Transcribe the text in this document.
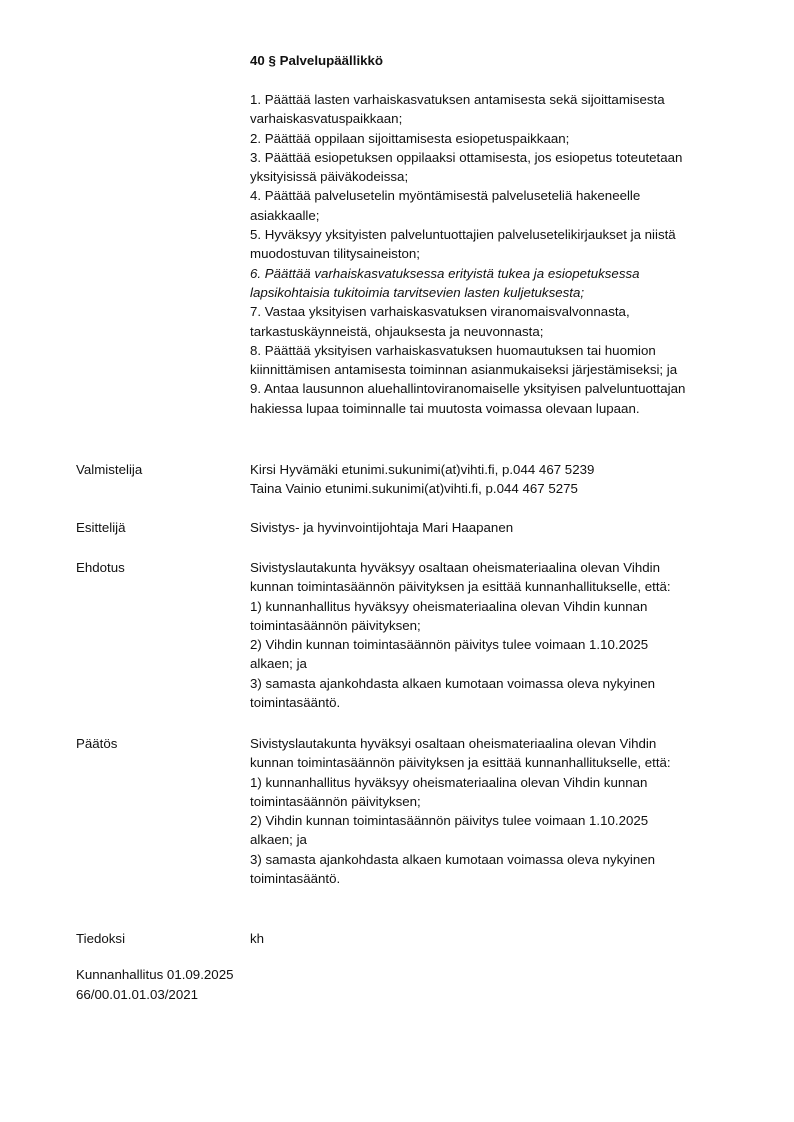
40 § Palvelupäällikkö
1. Päättää lasten varhaiskasvatuksen antamisesta sekä sijoittamisesta
varhaiskasvatuspaikkaan;
2. Päättää oppilaan sijoittamisesta esiopetuspaikkaan;
3. Päättää esiopetuksen oppilaaksi ottamisesta, jos esiopetus toteutetaan
yksityisissä päiväkodeissa;
4. Päättää palvelusetelin myöntämisestä palveluseteliä hakeneelle
asiakkaalle;
5. Hyväksyy yksityisten palveluntuottajien palvelusetelikirjaukset ja niistä
muodostuvan tilitysaineiston;
6. Päättää varhaiskasvatuksessa erityistä tukea ja esiopetuksessa
lapsikohtaisia tukitoimia tarvitsevien lasten kuljetuksesta;
7. Vastaa yksityisen varhaiskasvatuksen viranomaisvalvonnasta,
tarkastuskäynneistä, ohjauksesta ja neuvonnasta;
8. Päättää yksityisen varhaiskasvatuksen huomautuksen tai huomion
kiinnittämisen antamisesta toiminnan asianmukaiseksi järjestämiseksi; ja
9. Antaa lausunnon aluehallintoviranomaiselle yksityisen palveluntuottajan
hakiessa lupaa toiminnalle tai muutosta voimassa olevaan lupaan.
Valmistelija	Kirsi Hyvämäki etunimi.sukunimi(at)vihti.fi, p.044 467 5239
Taina Vainio etunimi.sukunimi(at)vihti.fi, p.044 467 5275
Esittelijä	Sivistys- ja hyvinvointijohtaja Mari Haapanen
Ehdotus	Sivistyslautakunta hyväksyy osaltaan oheismateriaalina olevan Vihdin
kunnan toimintasäännön päivityksen ja esittää kunnanhallitukselle, että:
1) kunnanhallitus hyväksyy oheismateriaalina olevan Vihdin kunnan
toimintasäännön päivityksen;
2) Vihdin kunnan toimintasäännön päivitys tulee voimaan 1.10.2025
alkaen; ja
3) samasta ajankohdasta alkaen kumotaan voimassa oleva nykyinen
toimintasääntö.
Päätös	Sivistyslautakunta hyväksyi osaltaan oheismateriaalina olevan Vihdin
kunnan toimintasäännön päivityksen ja esittää kunnanhallitukselle, että:
1) kunnanhallitus hyväksyy oheismateriaalina olevan Vihdin kunnan
toimintasäännön päivityksen;
2) Vihdin kunnan toimintasäännön päivitys tulee voimaan 1.10.2025
alkaen; ja
3) samasta ajankohdasta alkaen kumotaan voimassa oleva nykyinen
toimintasääntö.
Tiedoksi	kh
Kunnanhallitus 01.09.2025
66/00.01.01.03/2021
